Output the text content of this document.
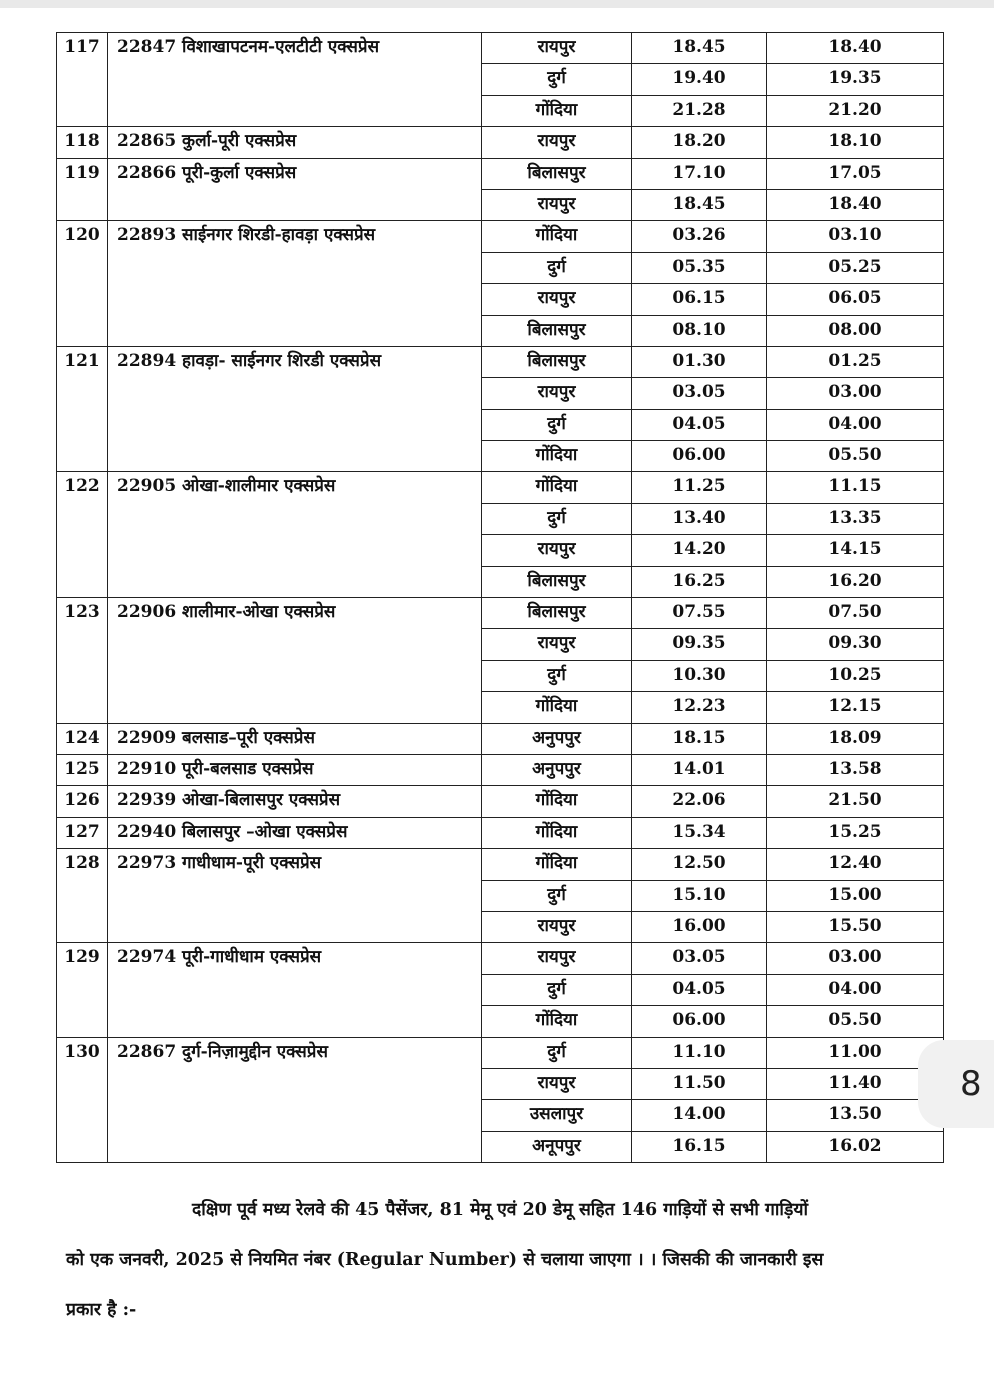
117	22847 विशाखापटनम-एलटीटी एक्सप्रेस	रायपुर	18.45	18.40
		दुर्ग	19.40	19.35
		गोंदिया	21.28	21.20
118	22865 कुर्ला-पूरी एक्सप्रेस	रायपुर	18.20	18.10
119	22866 पूरी-कुर्ला एक्सप्रेस	बिलासपुर	17.10	17.05
		रायपुर	18.45	18.40
120	22893 साईनगर शिरडी-हावड़ा एक्सप्रेस	गोंदिया	03.26	03.10
		दुर्ग	05.35	05.25
		रायपुर	06.15	06.05
		बिलासपुर	08.10	08.00
121	22894 हावड़ा- साईनगर शिरडी एक्सप्रेस	बिलासपुर	01.30	01.25
		रायपुर	03.05	03.00
		दुर्ग	04.05	04.00
		गोंदिया	06.00	05.50
122	22905 ओखा-शालीमार एक्सप्रेस	गोंदिया	11.25	11.15
		दुर्ग	13.40	13.35
		रायपुर	14.20	14.15
		बिलासपुर	16.25	16.20
123	22906 शालीमार-ओखा एक्सप्रेस	बिलासपुर	07.55	07.50
		रायपुर	09.35	09.30
		दुर्ग	10.30	10.25
		गोंदिया	12.23	12.15
124	22909 बलसाड–पूरी एक्सप्रेस	अनुपपुर	18.15	18.09
125	22910 पूरी-बलसाड एक्सप्रेस	अनुपपुर	14.01	13.58
126	22939 ओखा-बिलासपुर एक्सप्रेस	गोंदिया	22.06	21.50
127	22940 बिलासपुर –ओखा एक्सप्रेस	गोंदिया	15.34	15.25
128	22973 गाधीधाम-पूरी एक्सप्रेस	गोंदिया	12.50	12.40
		दुर्ग	15.10	15.00
		रायपुर	16.00	15.50
129	22974 पूरी-गाधीधाम एक्सप्रेस	रायपुर	03.05	03.00
		दुर्ग	04.05	04.00
		गोंदिया	06.00	05.50
130	22867 दुर्ग-निज़ामुद्दीन एक्सप्रेस	दुर्ग	11.10	11.00
		रायपुर	11.50	11.40
		उसलापुर	14.00	13.50
		अनूपपुर	16.15	16.02
दक्षिण पूर्व मध्य रेलवे की 45 पैसेंजर, 81 मेमू एवं 20 डेमू सहित 146 गाड़ियों से सभी गाड़ियों
को एक जनवरी, 2025 से नियमित नंबर (Regular Number) से चलाया जाएगा । । जिसकी की जानकारी इस
प्रकार है :-
8
